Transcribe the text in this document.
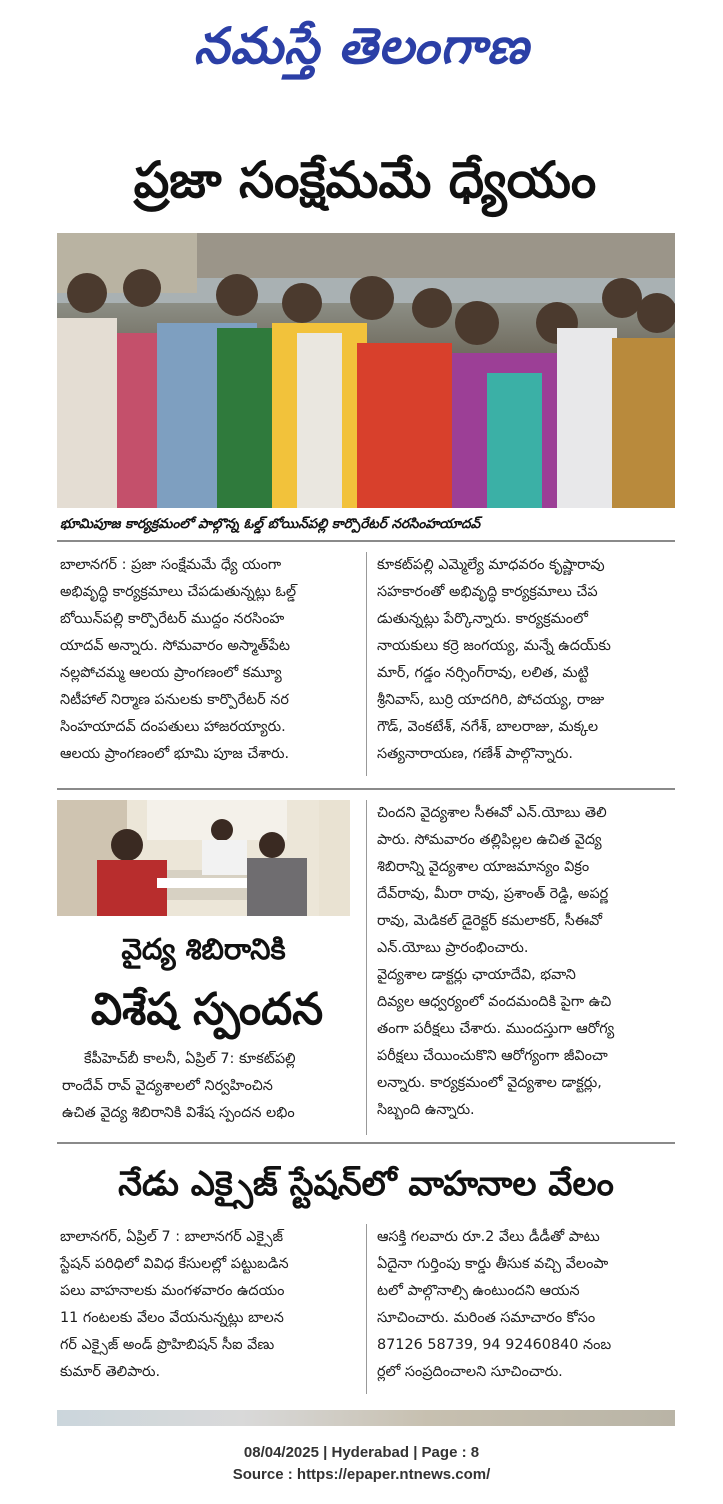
నమస్తే తెలంగాణ
ప్రజా సంక్షేమమే ధ్యేయం
భూమిపూజ కార్యక్రమంలో పాల్గొన్న ఓల్డ్ బోయిన్‌పల్లి కార్పొరేటర్ నరసింహయాదవ్

బాలానగర్ : ప్రజా సంక్షేమమే ధ్యే యంగా

అభివృద్ధి కార్యక్రమాలు చేపడుతున్నట్లు ఓల్డ్

బోయిన్‌పల్లి కార్పొరేటర్ ముద్దం నరసింహ

యాదవ్ అన్నారు. సోమవారం అస్మాత్‌పేట

నల్లపోచమ్మ ఆలయ ప్రాంగణంలో కమ్యూ

నిటీహాల్ నిర్మాణ పనులకు కార్పొరేటర్ నర

సింహయాదవ్ దంపతులు హాజరయ్యారు.

ఆలయ ప్రాంగణంలో భూమి పూజ చేశారు.

కూకట్‌పల్లి ఎమ్మెల్యే మాధవరం కృష్ణారావు

సహకారంతో అభివృద్ధి కార్యక్రమాలు చేప

డుతున్నట్లు పేర్కొన్నారు. కార్యక్రమంలో

నాయకులు కర్రె జంగయ్య, మన్నే ఉదయ్‌కు

మార్, గడ్డం నర్సింగ్‌రావు, లలిత, మట్టి

శ్రీనివాస్, బుర్రి యాదగిరి, పోచయ్య, రాజు

గౌడ్, వెంకటేశ్, నగేశ్, బాలరాజు, మక్కల

సత్యనారాయణ, గణేశ్ పాల్గొన్నారు.

వైద్య శిబిరానికి
విశేష స్పందన

కేపీహెచ్‌బీ కాలనీ, ఏప్రిల్ 7: కూకట్‌పల్లి

రాందేవ్ రావ్ వైద్యశాలలో నిర్వహించిన

ఉచిత వైద్య శిబిరానికి విశేష స్పందన లభిం

చిందని వైద్యశాల సీఈవో ఎన్.యోబు తెలి

పారు. సోమవారం తల్లిపిల్లల ఉచిత వైద్య

శిబిరాన్ని వైద్యశాల యాజమాన్యం విక్రం

దేవ్‌రావు, మీరా రావు, ప్రశాంత్ రెడ్డి, అపర్ణ

రావు, మెడికల్ డైరెక్టర్ కమలాకర్, సీఈవో

ఎన్.యోబు ప్రారంభించారు.

వైద్యశాల డాక్టర్లు ఛాయాదేవి, భవాని

దివ్యల ఆధ్వర్యంలో వందమందికి పైగా ఉచి

తంగా పరీక్షలు చేశారు. ముందస్తుగా ఆరోగ్య

పరీక్షలు చేయించుకొని ఆరోగ్యంగా జీవించా

లన్నారు. కార్యక్రమంలో వైద్యశాల డాక్టర్లు,

సిబ్బంది ఉన్నారు.

నేడు ఎక్సైజ్ స్టేషన్‌లో వాహనాల వేలం

బాలానగర్, ఏప్రిల్ 7 : బాలానగర్ ఎక్సైజ్

స్టేషన్ పరిధిలో వివిధ కేసులల్లో పట్టుబడిన

పలు వాహనాలకు మంగళవారం ఉదయం

11 గంటలకు వేలం వేయనున్నట్లు బాలన

గర్ ఎక్సైజ్ అండ్ ప్రొహిబిషన్ సీఐ వేణు

కుమార్ తెలిపారు.

ఆసక్తి గలవారు రూ.2 వేలు డీడీతో పాటు

ఏదైనా గుర్తింపు కార్డు తీసుక వచ్చి వేలంపా

టలో పాల్గొనాల్సి ఉంటుందని ఆయన

సూచించారు. మరింత సమాచారం కోసం

87126 58739, 94 92460840 నంబ

ర్లలో సంప్రదించాలని సూచించారు.

08/04/2025 | Hyderabad | Page : 8
Source : https://epaper.ntnews.com/
